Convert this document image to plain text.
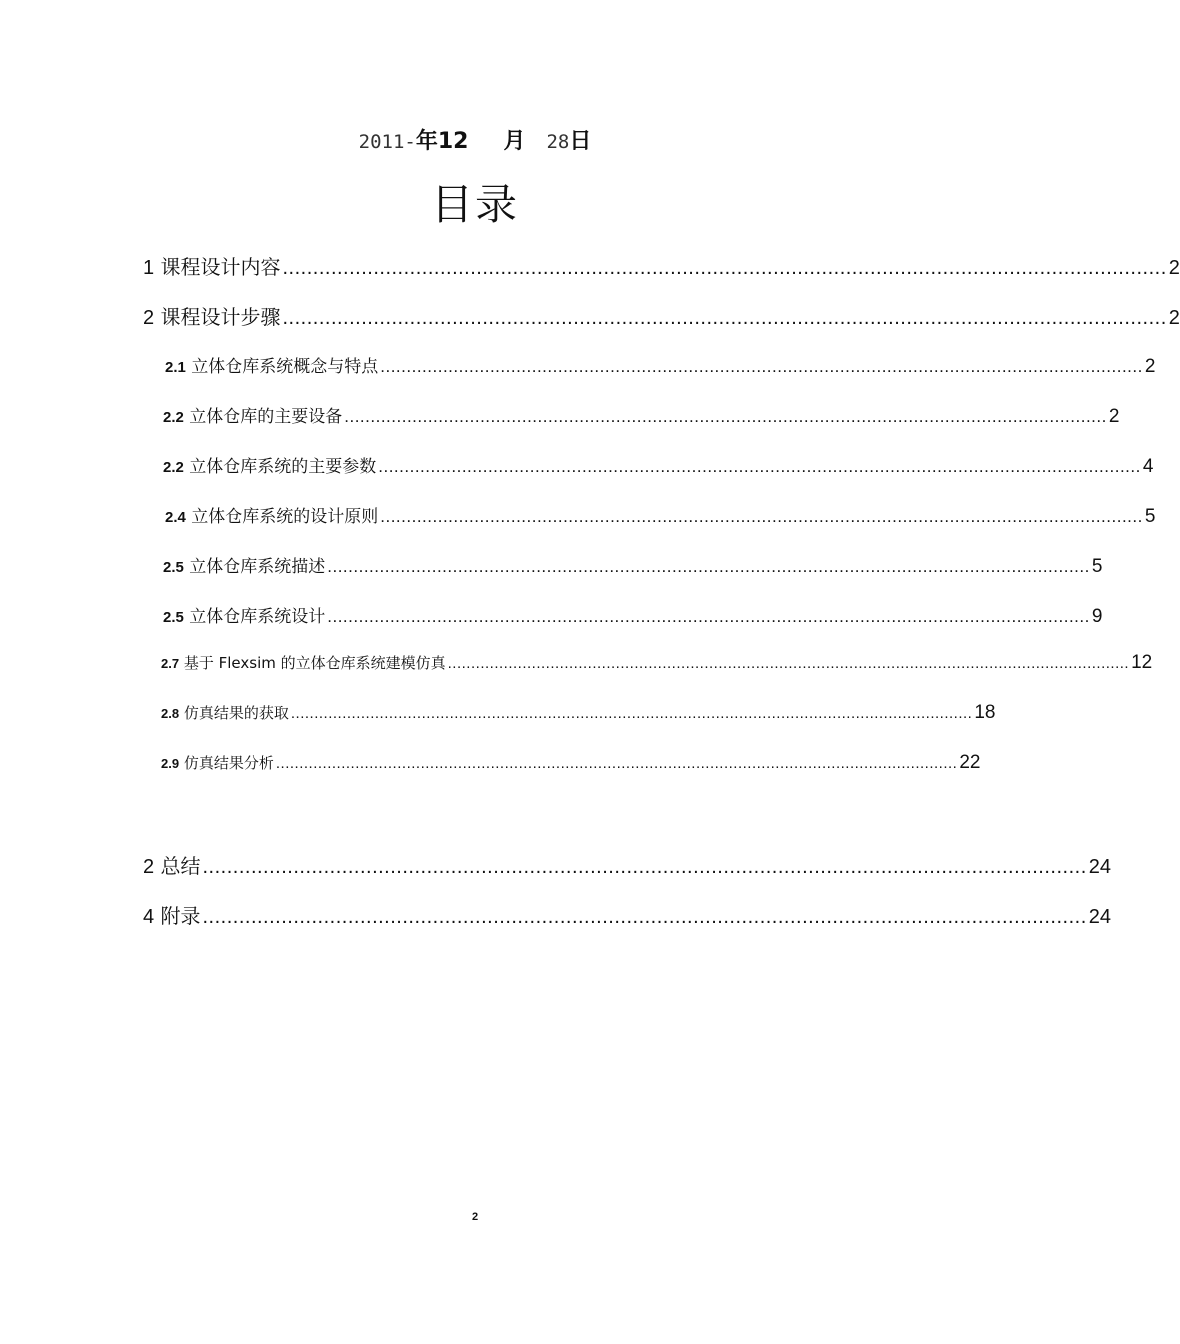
2011-年12 月 28日
目录
1
课程设计内容 .................................................................................................................................................. 2
2
课程设计步骤 .................................................................................................................................................. 2
2.1
立体仓库系统概念与特点 .................................................................................................................................................. 2
2.2
立体仓库的主要设备 .................................................................................................................................................. 2
2.2
立体仓库系统的主要参数 .................................................................................................................................................. 4
2.4
立体仓库系统的设计原则 .................................................................................................................................................. 5
2.5
立体仓库系统描述 .................................................................................................................................................. 5
2.5
立体仓库系统设计 .................................................................................................................................................. 9
2.7
基于 Flexsim 的立体仓库系统建模仿真 .................................................................................................................................................. 12
2.8
仿真结果的获取 .................................................................................................................................................. 18
2.9
仿真结果分析 .................................................................................................................................................. 22
2
总结 .................................................................................................................................................. 24
4
附录 .................................................................................................................................................. 24
2
